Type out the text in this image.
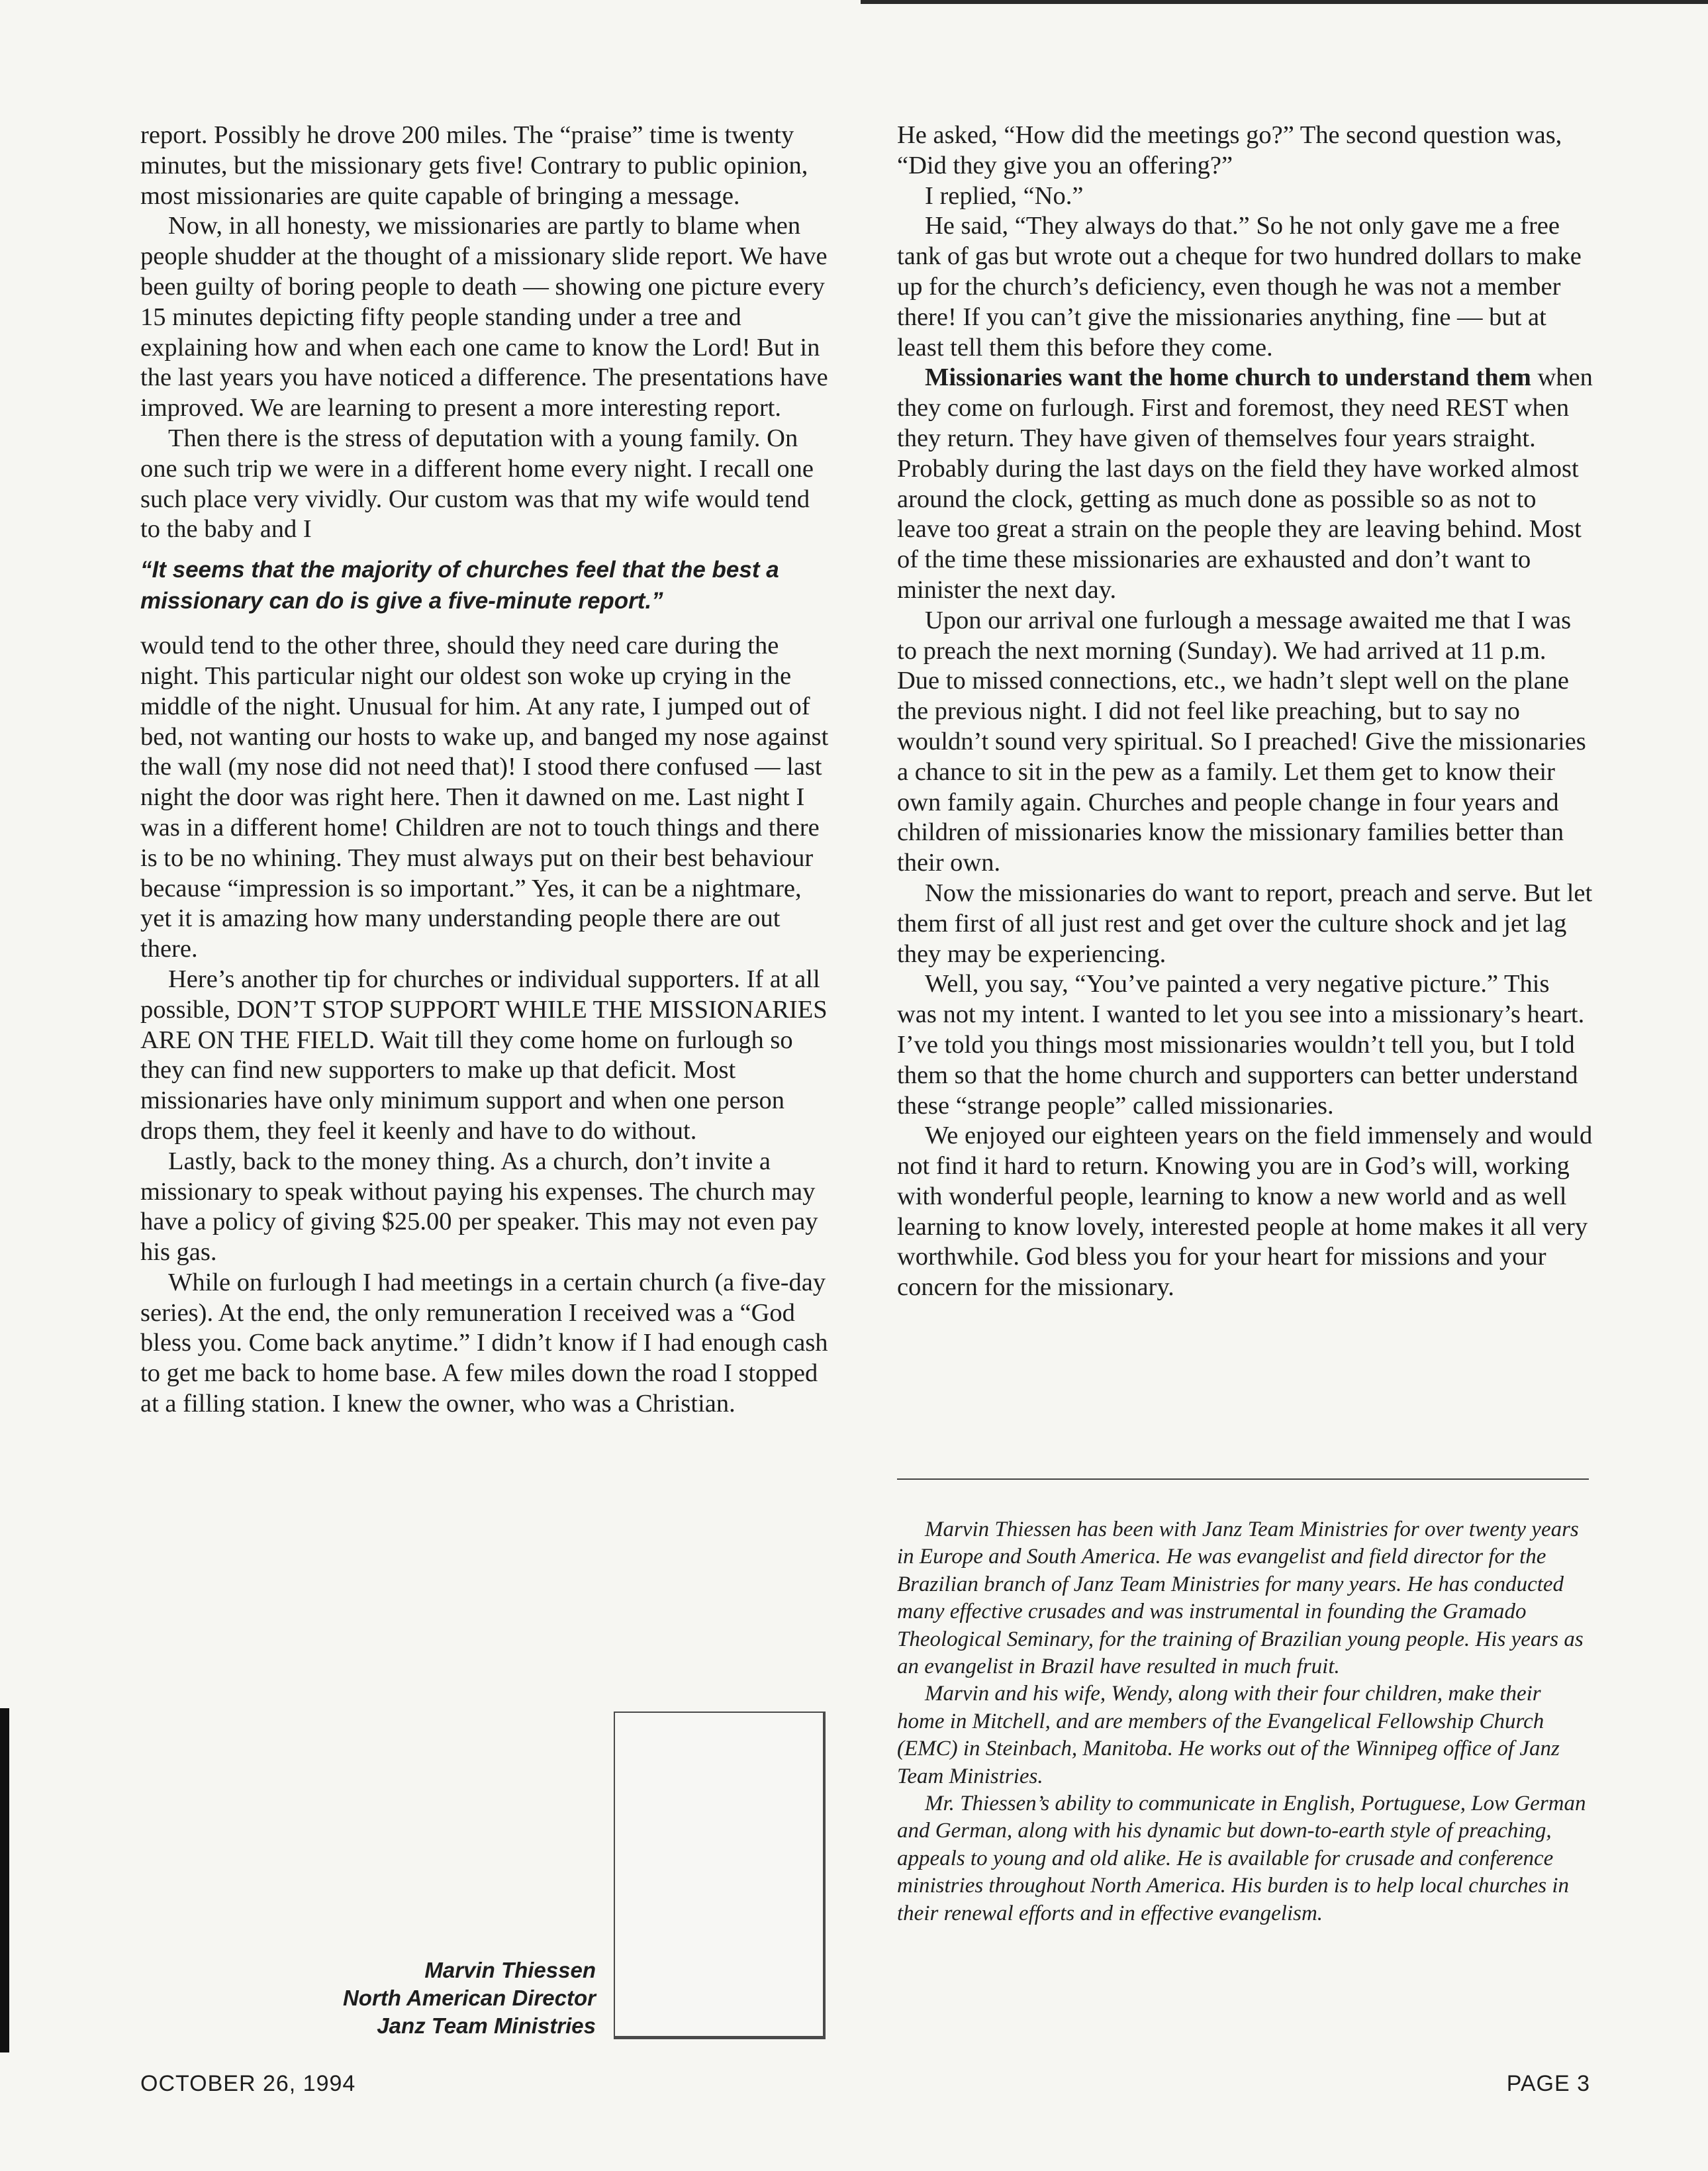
report. Possibly he drove 200 miles. The “praise” time is twenty minutes, but the missionary gets five! Contrary to public opinion, most missionaries are quite capable of bringing a message.

Now, in all honesty, we missionaries are partly to blame when people shudder at the thought of a missionary slide report. We have been guilty of boring people to death — showing one picture every 15 minutes depicting fifty people standing under a tree and explaining how and when each one came to know the Lord! But in the last years you have noticed a difference. The presentations have improved. We are learning to present a more interesting report.

Then there is the stress of deputation with a young family. On one such trip we were in a different home every night. I recall one such place very vividly. Our custom was that my wife would tend to the baby and I

“It seems that the majority of churches feel that the best a missionary can do is give a five-minute report.”

would tend to the other three, should they need care during the night. This particular night our oldest son woke up crying in the middle of the night. Unusual for him. At any rate, I jumped out of bed, not wanting our hosts to wake up, and banged my nose against the wall (my nose did not need that)! I stood there confused — last night the door was right here. Then it dawned on me. Last night I was in a different home! Children are not to touch things and there is to be no whining. They must always put on their best behaviour because “impression is so important.” Yes, it can be a nightmare, yet it is amazing how many understanding people there are out there.

Here’s another tip for churches or individual supporters. If at all possible, DON’T STOP SUPPORT WHILE THE MISSIONARIES ARE ON THE FIELD. Wait till they come home on furlough so they can find new supporters to make up that deficit. Most missionaries have only minimum support and when one person drops them, they feel it keenly and have to do without.

Lastly, back to the money thing. As a church, don’t invite a missionary to speak without paying his expenses. The church may have a policy of giving $25.00 per speaker. This may not even pay his gas.

While on furlough I had meetings in a certain church (a five-day series). At the end, the only remuneration I received was a “God bless you. Come back anytime.” I didn’t know if I had enough cash to get me back to home base. A few miles down the road I stopped at a filling station. I knew the owner, who was a Christian.

He asked, “How did the meetings go?” The second question was, “Did they give you an offering?”

I replied, “No.”

He said, “They always do that.” So he not only gave me a free tank of gas but wrote out a cheque for two hundred dollars to make up for the church’s deficiency, even though he was not a member there! If you can’t give the missionaries anything, fine — but at least tell them this before they come.

Missionaries want the home church to understand them when they come on furlough. First and foremost, they need REST when they return. They have given of themselves four years straight. Probably during the last days on the field they have worked almost around the clock, getting as much done as possible so as not to leave too great a strain on the people they are leaving behind. Most of the time these missionaries are exhausted and don’t want to minister the next day.

Upon our arrival one furlough a message awaited me that I was to preach the next morning (Sunday). We had arrived at 11 p.m. Due to missed connections, etc., we hadn’t slept well on the plane the previous night. I did not feel like preaching, but to say no wouldn’t sound very spiritual. So I preached! Give the missionaries a chance to sit in the pew as a family. Let them get to know their own family again. Churches and people change in four years and children of missionaries know the missionary families better than their own.

Now the missionaries do want to report, preach and serve. But let them first of all just rest and get over the culture shock and jet lag they may be experiencing.

Well, you say, “You’ve painted a very negative picture.” This was not my intent. I wanted to let you see into a missionary’s heart. I’ve told you things most missionaries wouldn’t tell you, but I told them so that the home church and supporters can better understand these “strange people” called missionaries.

We enjoyed our eighteen years on the field immensely and would not find it hard to return. Knowing you are in God’s will, working with wonderful people, learning to know a new world and as well learning to know lovely, interested people at home makes it all very worthwhile. God bless you for your heart for missions and your concern for the missionary.

Marvin Thiessen has been with Janz Team Ministries for over twenty years in Europe and South America. He was evangelist and field director for the Brazilian branch of Janz Team Ministries for many years. He has conducted many effective crusades and was instrumental in founding the Gramado Theological Seminary, for the training of Brazilian young people. His years as an evangelist in Brazil have resulted in much fruit.

Marvin and his wife, Wendy, along with their four children, make their home in Mitchell, and are members of the Evangelical Fellowship Church (EMC) in Steinbach, Manitoba. He works out of the Winnipeg office of Janz Team Ministries.

Mr. Thiessen’s ability to communicate in English, Portuguese, Low German and German, along with his dynamic but down-to-earth style of preaching, appeals to young and old alike. He is available for crusade and conference ministries throughout North America. His burden is to help local churches in their renewal efforts and in effective evangelism.

Marvin Thiessen
North American Director
Janz Team Ministries
OCTOBER 26, 1994	PAGE 3
